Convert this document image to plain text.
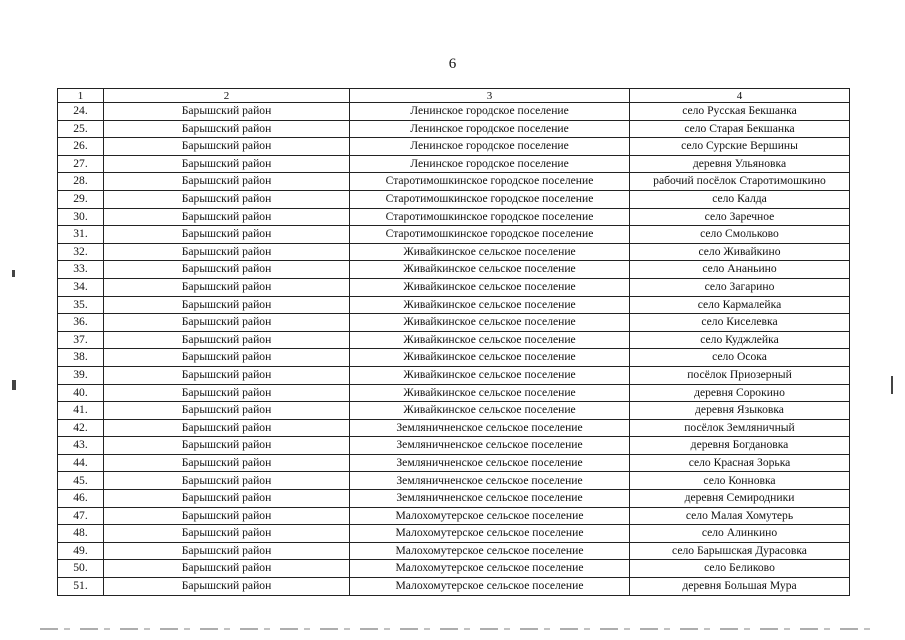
6
1	2	3	4
24.	Барышский район	Ленинское городское поселение	село Русская Бекшанка
25.	Барышский район	Ленинское городское поселение	село Старая Бекшанка
26.	Барышский район	Ленинское городское поселение	село Сурские Вершины
27.	Барышский район	Ленинское городское поселение	деревня Ульяновка
28.	Барышский район	Старотимошкинское городское поселение	рабочий посёлок Старотимошкино
29.	Барышский район	Старотимошкинское городское поселение	село Калда
30.	Барышский район	Старотимошкинское городское поселение	село Заречное
31.	Барышский район	Старотимошкинское городское поселение	село Смольково
32.	Барышский район	Живайкинское сельское поселение	село Живайкино
33.	Барышский район	Живайкинское сельское поселение	село Ананьино
34.	Барышский район	Живайкинское сельское поселение	село Загарино
35.	Барышский район	Живайкинское сельское поселение	село Кармалейка
36.	Барышский район	Живайкинское сельское поселение	село Киселевка
37.	Барышский район	Живайкинское сельское поселение	село Куджлейка
38.	Барышский район	Живайкинское сельское поселение	село Осока
39.	Барышский район	Живайкинское сельское поселение	посёлок Приозерный
40.	Барышский район	Живайкинское сельское поселение	деревня Сорокино
41.	Барышский район	Живайкинское сельское поселение	деревня Языковка
42.	Барышский район	Земляничненское сельское поселение	посёлок Земляничный
43.	Барышский район	Земляничненское сельское поселение	деревня Богдановка
44.	Барышский район	Земляничненское сельское поселение	село Красная Зорька
45.	Барышский район	Земляничненское сельское поселение	село Конновка
46.	Барышский район	Земляничненское сельское поселение	деревня Семиродники
47.	Барышский район	Малохомутерское сельское поселение	село Малая Хомутерь
48.	Барышский район	Малохомутерское сельское поселение	село Алинкино
49.	Барышский район	Малохомутерское сельское поселение	село Барышская Дурасовка
50.	Барышский район	Малохомутерское сельское поселение	село Беликово
51.	Барышский район	Малохомутерское сельское поселение	деревня Большая Мура
